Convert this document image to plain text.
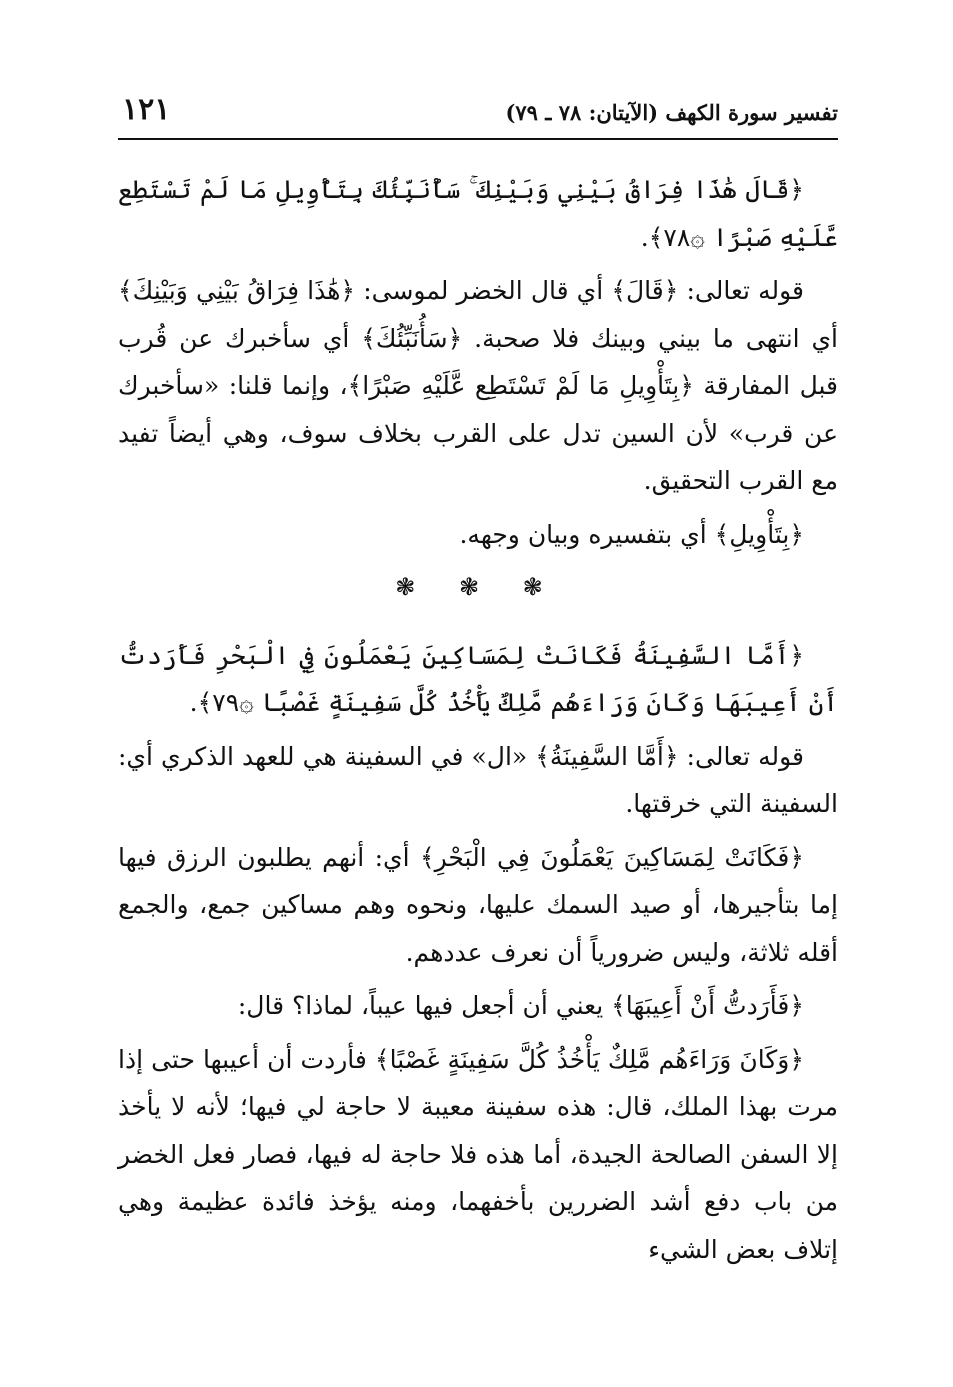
تفسير سورة الكهف (الآيتان: ٧٨ ـ ٧٩)
١٢١

﴿قَالَ هَٰذَا فِرَاقُ بَيْنِي وَبَيْنِكَ ۚ سَأُنَبِّئُكَ بِتَأْوِيلِ مَا لَمْ تَسْتَطِع عَّلَيْهِ صَبْرًا ۞٧٨﴾.

قوله تعالى: ﴿قَالَ﴾ أي قال الخضر لموسى: ﴿هَٰذَا فِرَاقُ بَيْنِي وَبَيْنِكَ﴾ أي انتهى ما بيني وبينك فلا صحبة. ﴿سَأُنَبِّئُكَ﴾ أي سأخبرك عن قُرب قبل المفارقة ﴿بِتَأْوِيلِ مَا لَمْ تَسْتَطِع عَّلَيْهِ صَبْرًا﴾، وإنما قلنا: «سأخبرك عن قرب» لأن السين تدل على القرب بخلاف سوف، وهي أيضاً تفيد مع القرب التحقيق.

﴿بِتَأْوِيلِ﴾ أي بتفسيره وبيان وجهه.

❃ ❃ ❃

﴿أَمَّا السَّفِينَةُ فَكَانَتْ لِمَسَاكِينَ يَعْمَلُونَ فِي الْبَحْرِ فَأَرَدتُّ أَنْ أَعِيبَهَا وَكَانَ وَرَاءَهُم مَّلِكٌ يَأْخُذُ كُلَّ سَفِينَةٍ غَصْبًا ۞٧٩﴾.

قوله تعالى: ﴿أَمَّا السَّفِينَةُ﴾ «ال» في السفينة هي للعهد الذكري أي: السفينة التي خرقتها.

﴿فَكَانَتْ لِمَسَاكِينَ يَعْمَلُونَ فِي الْبَحْرِ﴾ أي: أنهم يطلبون الرزق فيها إما بتأجيرها، أو صيد السمك عليها، ونحوه وهم مساكين جمع، والجمع أقله ثلاثة، وليس ضرورياً أن نعرف عددهم.

﴿فَأَرَدتُّ أَنْ أَعِيبَهَا﴾ يعني أن أجعل فيها عيباً، لماذا؟ قال:

﴿وَكَانَ وَرَاءَهُم مَّلِكٌ يَأْخُذُ كُلَّ سَفِينَةٍ غَصْبًا﴾ فأردت أن أعيبها حتى إذا مرت بهذا الملك، قال: هذه سفينة معيبة لا حاجة لي فيها؛ لأنه لا يأخذ إلا السفن الصالحة الجيدة، أما هذه فلا حاجة له فيها، فصار فعل الخضر من باب دفع أشد الضررين بأخفهما، ومنه يؤخذ فائدة عظيمة وهي إتلاف بعض الشيء
